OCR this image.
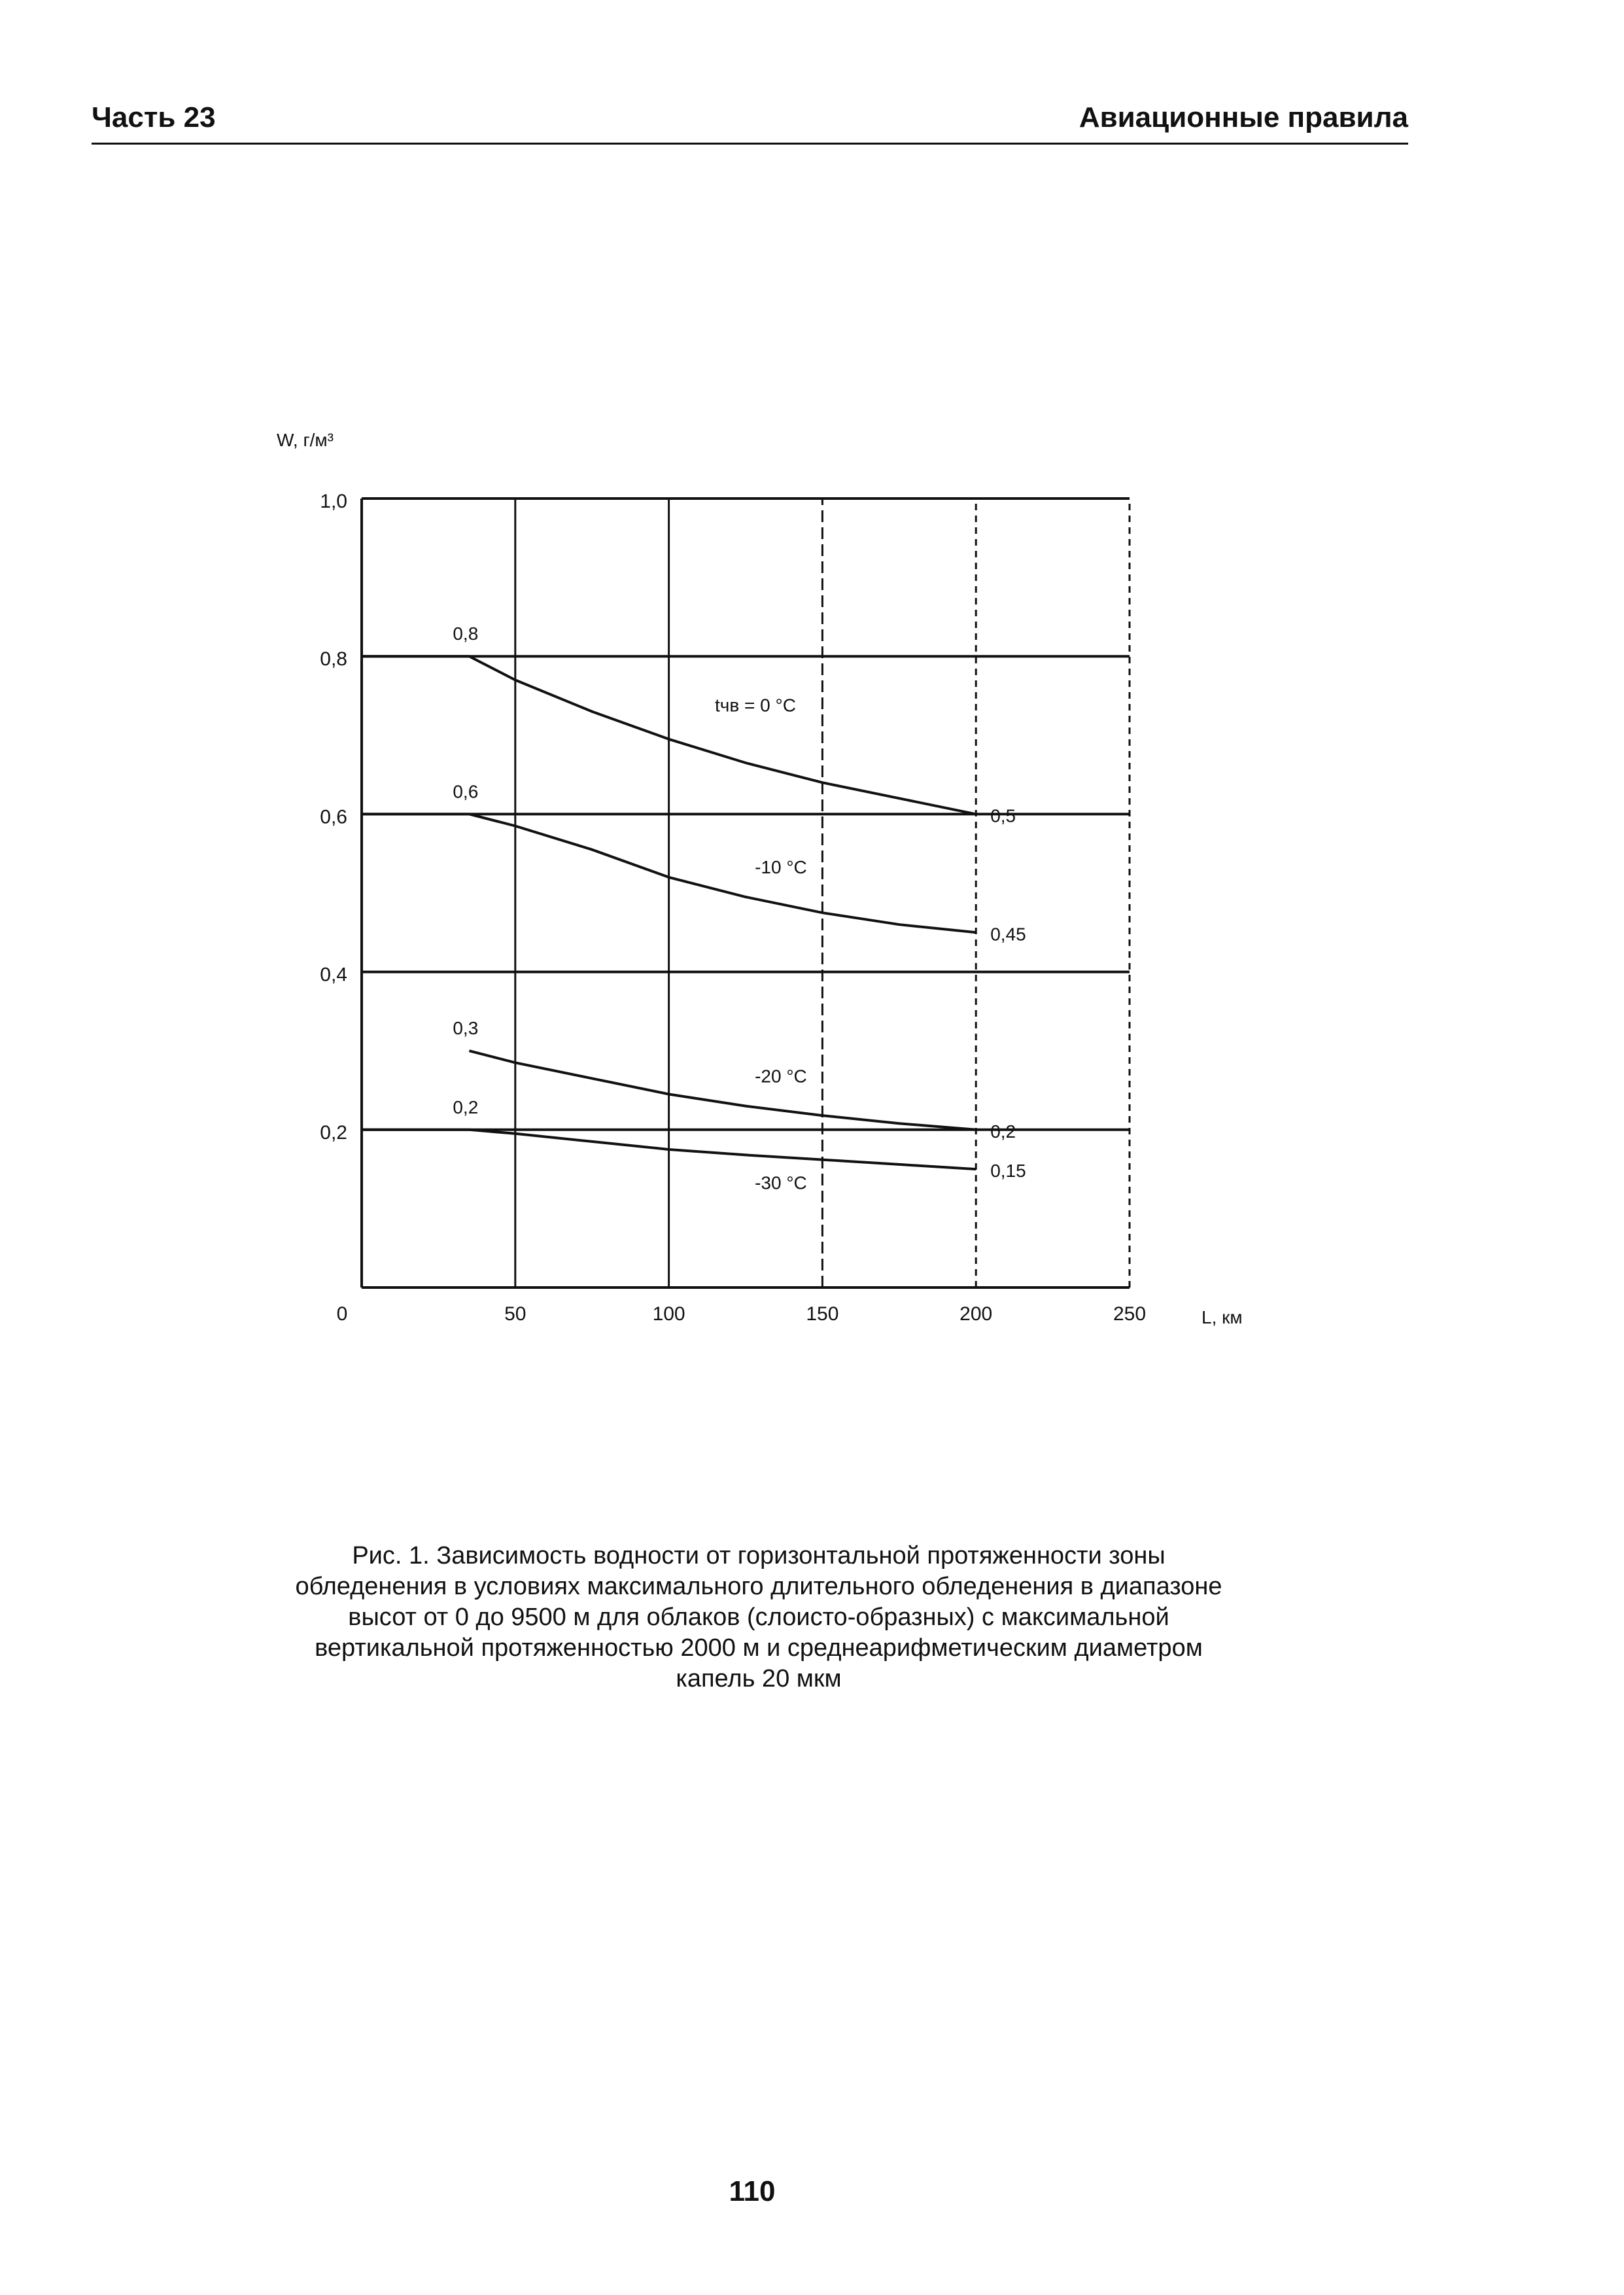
Часть 23	Авиационные правила
0,2
0,4
0,6
0,8
1,0
0	50	100	150	200	250
W, г/м³
L, км
0,8
0,5
tчв = 0 °C
0,6
0,45
-10 °C
0,3
0,2
-20 °C
0,2
0,15
-30 °C
Рис. 1. Зависимость водности от горизонтальной протяженности зоны обледенения в условиях максимального длительного обледенения в диапазоне высот от 0 до 9500 м для облаков (слоисто-образных) с максимальной вертикальной протяженностью 2000 м и среднеарифметическим диаметром капель 20 мкм
110
